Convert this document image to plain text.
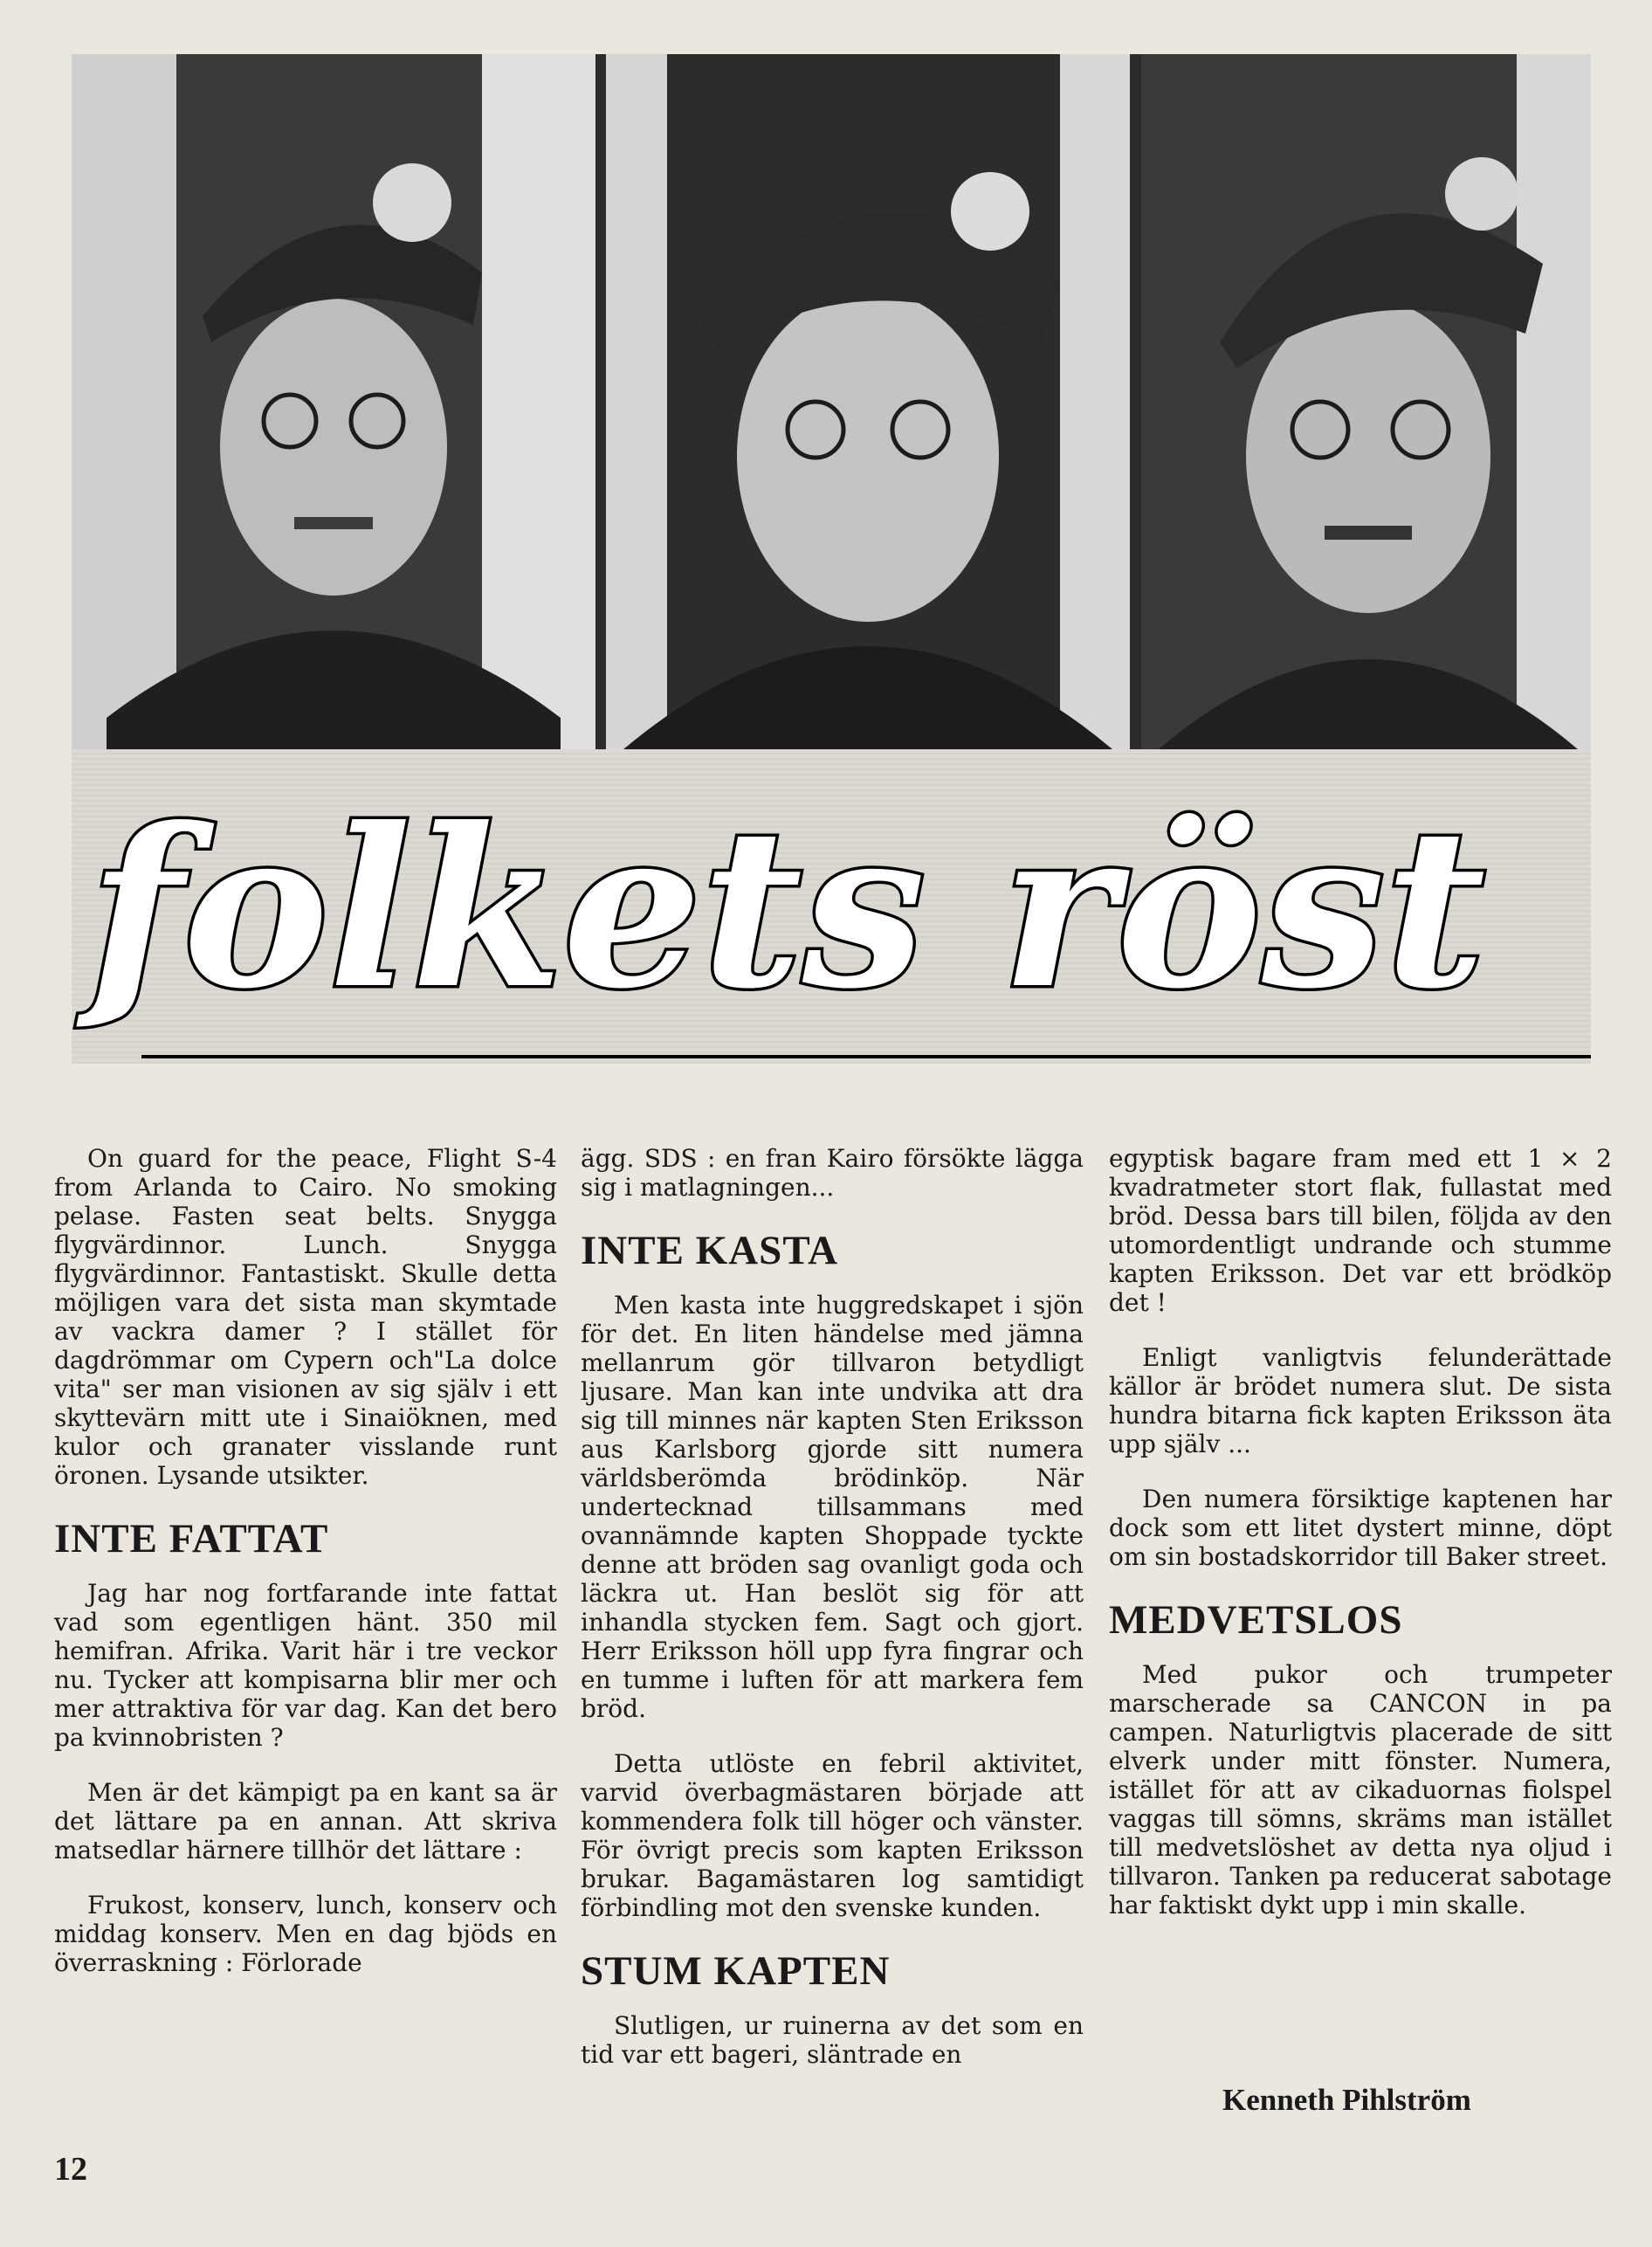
folkets röst

On guard for the peace, Flight S-4 from Arlanda to Cairo. No smoking pelase. Fasten seat belts. Snygga flygvärdinnor. Lunch. Snygga flygvärdinnor. Fantastiskt. Skulle detta möjligen vara det sista man skymtade av vackra damer ? I stället för dagdrömmar om Cypern och"La dolce vita" ser man visionen av sig själv i ett skyttevärn mitt ute i Sinaiöknen, med kulor och granater visslande runt öronen. Lysande utsikter.

INTE FATTAT

Jag har nog fortfarande inte fattat vad som egentligen hänt. 350 mil hemifran. Afrika. Varit här i tre veckor nu. Tycker att kompisarna blir mer och mer attraktiva för var dag. Kan det bero pa kvinnobristen ?

Men är det kämpigt pa en kant sa är det lättare pa en annan. Att skriva matsedlar härnere tillhör det lättare :

Frukost, konserv, lunch, konserv och middag konserv. Men en dag bjöds en överraskning : Förlorade

ägg. SDS : en fran Kairo försökte lägga sig i matlagningen...

INTE KASTA

Men kasta inte huggredskapet i sjön för det. En liten händelse med jämna mellanrum gör tillvaron betydligt ljusare. Man kan inte undvika att dra sig till minnes när kapten Sten Eriksson aus Karlsborg gjorde sitt numera världsberömda brödinköp. När undertecknad tillsammans med ovannämnde kapten Shoppade tyckte denne att bröden sag ovanligt goda och läckra ut. Han beslöt sig för att inhandla stycken fem. Sagt och gjort. Herr Eriksson höll upp fyra fingrar och en tumme i luften för att markera fem bröd.

Detta utlöste en febril aktivitet, varvid överbagmästaren började att kommendera folk till höger och vänster. För övrigt precis som kapten Eriksson brukar. Bagamästaren log samtidigt förbindling mot den svenske kunden.

STUM KAPTEN

Slutligen, ur ruinerna av det som en tid var ett bageri, släntrade en

egyptisk bagare fram med ett 1 × 2 kvadratmeter stort flak, fullastat med bröd. Dessa bars till bilen, följda av den utomordentligt undrande och stumme kapten Eriksson. Det var ett brödköp det !

Enligt vanligtvis felunderättade källor är brödet numera slut. De sista hundra bitarna fick kapten Eriksson äta upp själv ...

Den numera försiktige kaptenen har dock som ett litet dystert minne, döpt om sin bostadskorridor till Baker street.

MEDVETSLOS

Med pukor och trumpeter marscherade sa CANCON in pa campen. Naturligtvis placerade de sitt elverk under mitt fönster. Numera, istället för att av cikaduornas fiolspel vaggas till sömns, skräms man istället till medvetslöshet av detta nya oljud i tillvaron. Tanken pa reducerat sabotage har faktiskt dykt upp i min skalle.

Kenneth Pihlström
12
